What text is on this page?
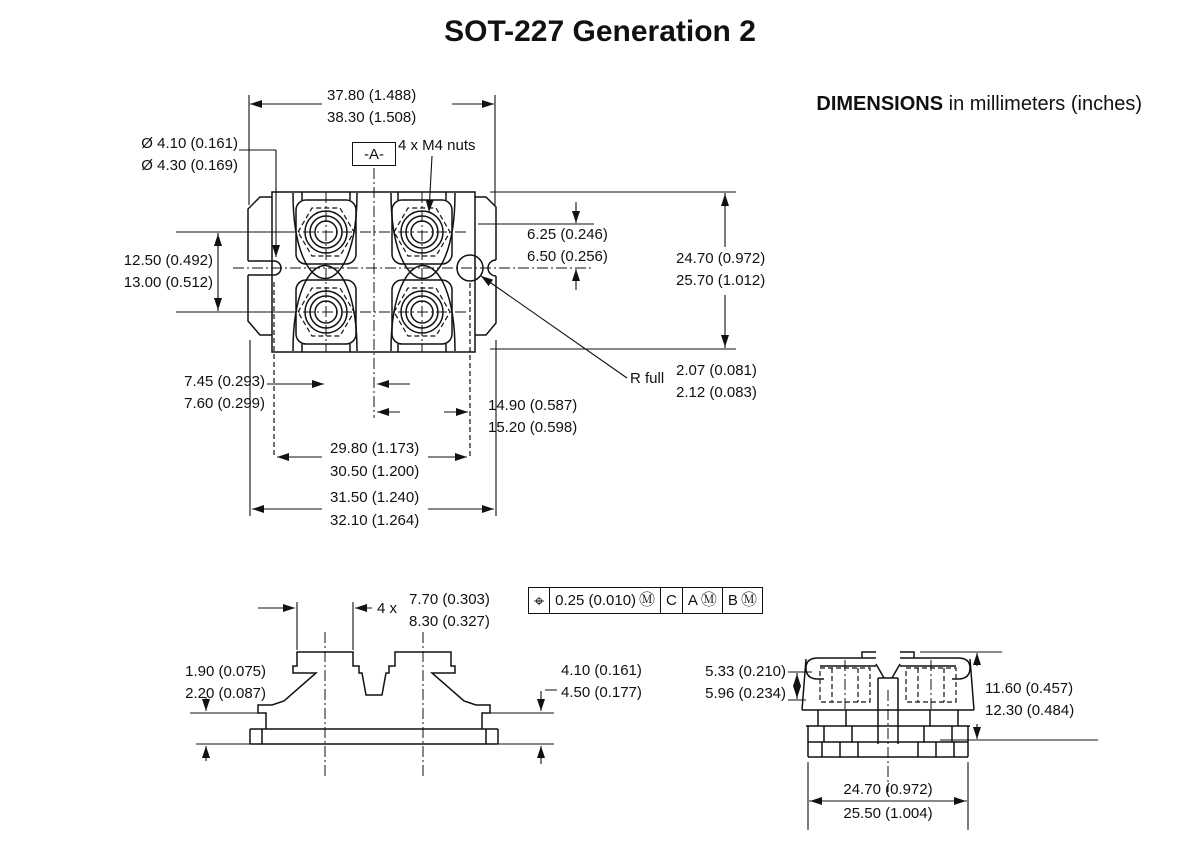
SOT-227 Generation 2
DIMENSIONS in millimeters (inches)
37.80 (1.488)
38.30 (1.508)
Ø 4.10 (0.161)
Ø 4.30 (0.169)
12.50 (0.492)
13.00 (0.512)
-A-
4 x M4 nuts
6.25 (0.246)
6.50 (0.256)	24.70 (0.972)
25.70 (1.012)
7.45 (0.293)
7.60 (0.299)	14.90 (0.587)
15.20 (0.598)
R full 2.07 (0.081)
2.12 (0.083)
29.80 (1.173)
30.50 (1.200)
31.50 (1.240)
32.10 (1.264)
4 x
7.70 (0.303)
8.30 (0.327)
1.90 (0.075)
2.20 (0.087)
4.10 (0.161)
4.50 (0.177)
⌖ 0.25 (0.010) Ⓜ C A Ⓜ B Ⓜ
5.33 (0.210)
5.96 (0.234)	11.60 (0.457)
12.30 (0.484)
24.70 (0.972)
25.50 (1.004)
